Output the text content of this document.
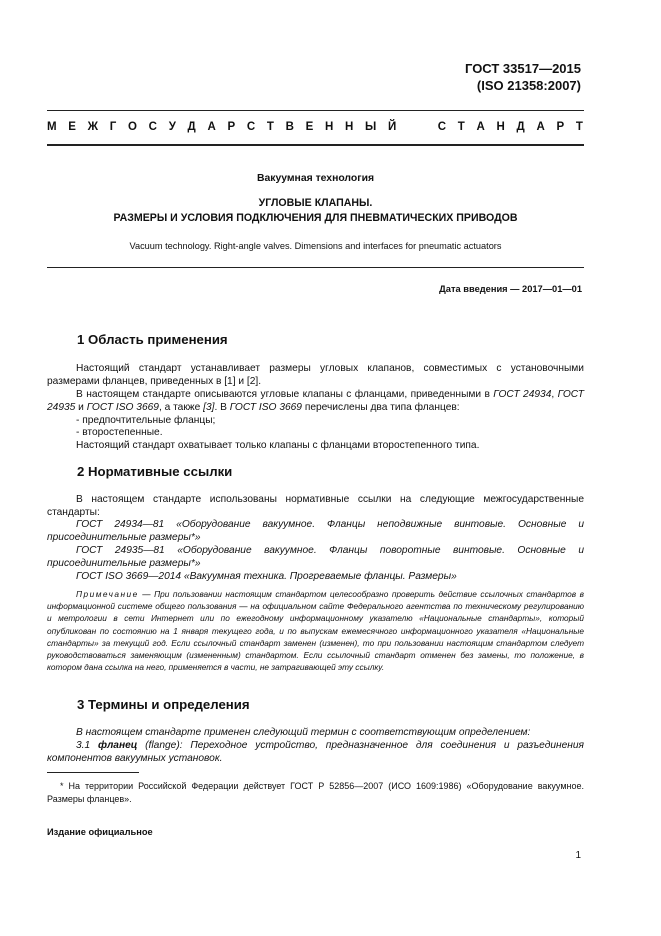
ГОСТ 33517—2015
(ISO 21358:2007)
М Е Ж Г О С У Д А Р С Т В Е Н Н Ы Й

	С Т А Н Д А Р Т
Вакуумная технология
УГЛОВЫЕ КЛАПАНЫ.
РАЗМЕРЫ И УСЛОВИЯ ПОДКЛЮЧЕНИЯ ДЛЯ ПНЕВМАТИЧЕСКИХ ПРИВОДОВ
Vacuum technology. Right-angle valves. Dimensions and interfaces for pneumatic actuators
Дата введения — 2017—01—01
1 Область применения
Настоящий стандарт устанавливает размеры угловых клапанов, совместимых с установочными размерами фланцев, приведенных в [1] и [2].
В настоящем стандарте описываются угловые клапаны с фланцами, приведенными в ГОСТ 24934, ГОСТ 24935 и ГОСТ ISO 3669, а также [3]. В ГОСТ ISO 3669 перечислены два типа фланцев:
- предпочтительные фланцы;
- второстепенные.
Настоящий стандарт охватывает только клапаны с фланцами второстепенного типа.
2 Нормативные ссылки
В настоящем стандарте использованы нормативные ссылки на следующие межгосударственные стандарты:
ГОСТ 24934—81 «Оборудование вакуумное. Фланцы неподвижные винтовые. Основные и присоединительные размеры*»
ГОСТ 24935—81 «Оборудование вакуумное. Фланцы поворотные винтовые. Основные и присоединительные размеры*»
ГОСТ ISO 3669—2014 «Вакуумная техника. Прогреваемые фланцы. Размеры»
Примечание — При пользовании настоящим стандартом целесообразно проверить действие ссылочных стандартов в информационной системе общего пользования — на официальном сайте Федерального агентства по техническому регулированию и метрологии в сети Интернет или по ежегодному информационному указателю «Национальные стандарты», который опубликован по состоянию на 1 января текущего года, и по выпускам ежемесячного информационного указателя «Национальные стандарты» за текущий год. Если ссылочный стандарт заменен (изменен), то при пользовании настоящим стандартом следует руководствоваться заменяющим (измененным) стандартом. Если ссылочный стандарт отменен без замены, то положение, в котором дана ссылка на него, применяется в части, не затрагивающей эту ссылку.
3 Термины и определения
В настоящем стандарте применен следующий термин с соответствующим определением:
3.1 фланец (flange): Переходное устройство, предназначенное для соединения и разъединения компонентов вакуумных установок.
* На территории Российской Федерации действует ГОСТ Р 52856—2007 (ИСО 1609:1986) «Оборудование вакуумное. Размеры фланцев».
Издание официальное
1
